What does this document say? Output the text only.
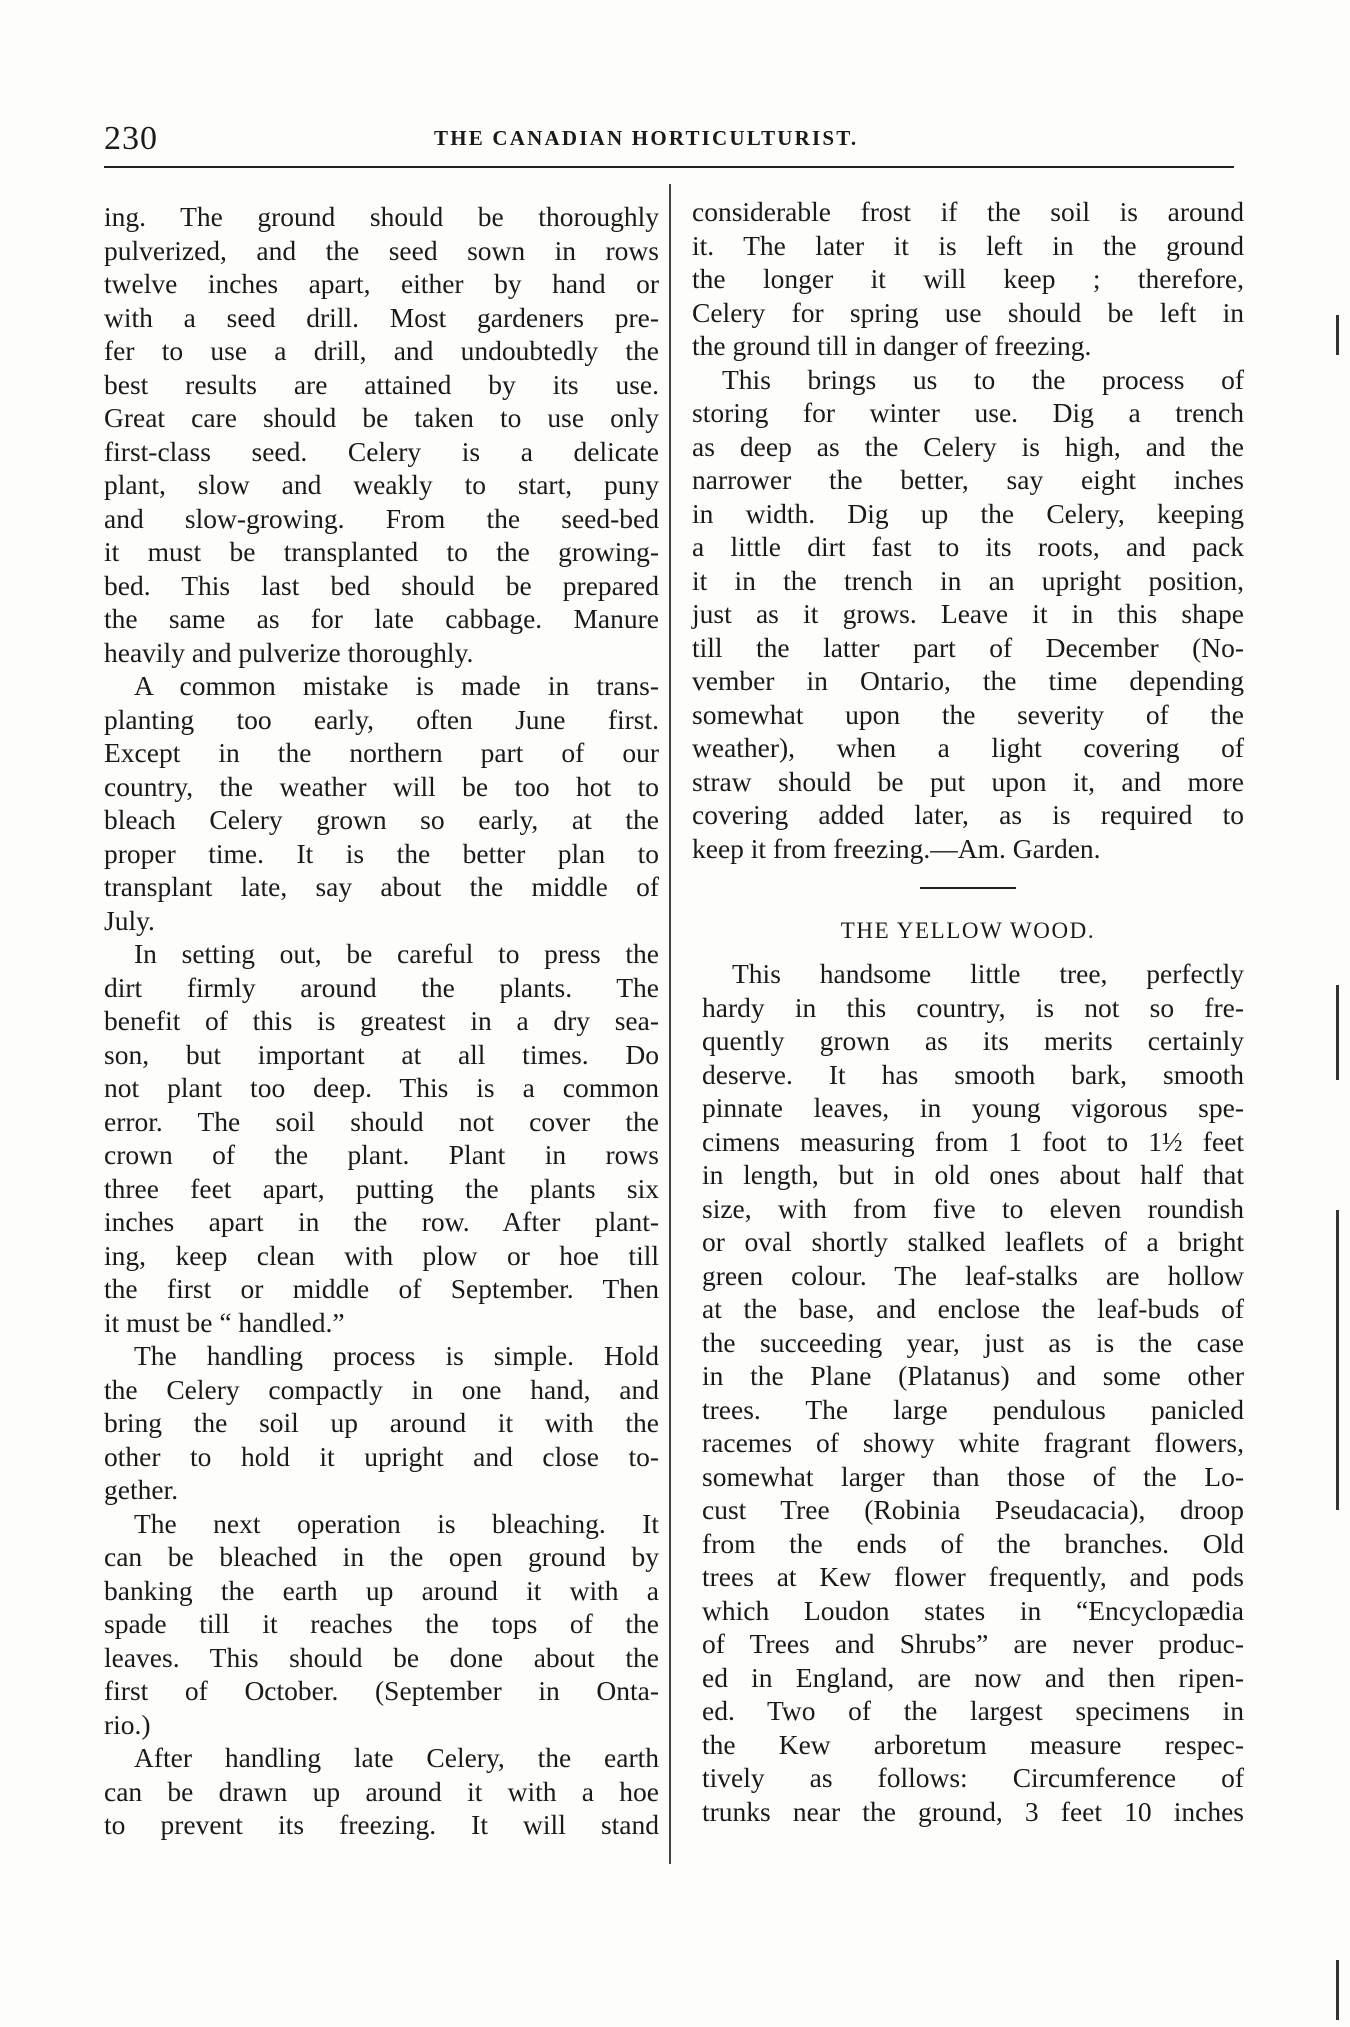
230	THE CANADIAN HORTICULTURIST.
ing. The ground should be thoroughly
pulverized, and the seed sown in rows
twelve inches apart, either by hand or
with a seed drill. Most gardeners pre-
fer to use a drill, and undoubtedly the
best results are attained by its use.
Great care should be taken to use only
first-class seed. Celery is a delicate
plant, slow and weakly to start, puny
and slow-growing. From the seed-bed
it must be transplanted to the growing-
bed. This last bed should be prepared
the same as for late cabbage. Manure
heavily and pulverize thoroughly.
A common mistake is made in trans-
planting too early, often June first.
Except in the northern part of our
country, the weather will be too hot to
bleach Celery grown so early, at the
proper time. It is the better plan to
transplant late, say about the middle of
July.
In setting out, be careful to press the
dirt firmly around the plants. The
benefit of this is greatest in a dry sea-
son, but important at all times. Do
not plant too deep. This is a common
error. The soil should not cover the
crown of the plant. Plant in rows
three feet apart, putting the plants six
inches apart in the row. After plant-
ing, keep clean with plow or hoe till
the first or middle of September. Then
it must be “ handled.”
The handling process is simple. Hold
the Celery compactly in one hand, and
bring the soil up around it with the
other to hold it upright and close to-
gether.
The next operation is bleaching. It
can be bleached in the open ground by
banking the earth up around it with a
spade till it reaches the tops of the
leaves. This should be done about the
first of October. (September in Onta-
rio.)
After handling late Celery, the earth
can be drawn up around it with a hoe
to prevent its freezing. It will stand
considerable frost if the soil is around
it. The later it is left in the ground
the longer it will keep ; therefore,
Celery for spring use should be left in
the ground till in danger of freezing.
This brings us to the process of
storing for winter use. Dig a trench
as deep as the Celery is high, and the
narrower the better, say eight inches
in width. Dig up the Celery, keeping
a little dirt fast to its roots, and pack
it in the trench in an upright position,
just as it grows. Leave it in this shape
till the latter part of December (No-
vember in Ontario, the time depending
somewhat upon the severity of the
weather), when a light covering of
straw should be put upon it, and more
covering added later, as is required to
keep it from freezing.—Am. Garden.
THE YELLOW WOOD.
This handsome little tree, perfectly
hardy in this country, is not so fre-
quently grown as its merits certainly
deserve. It has smooth bark, smooth
pinnate leaves, in young vigorous spe-
cimens measuring from 1 foot to 1½ feet
in length, but in old ones about half that
size, with from five to eleven roundish
or oval shortly stalked leaflets of a bright
green colour. The leaf-stalks are hollow
at the base, and enclose the leaf-buds of
the succeeding year, just as is the case
in the Plane (Platanus) and some other
trees. The large pendulous panicled
racemes of showy white fragrant flowers,
somewhat larger than those of the Lo-
cust Tree (Robinia Pseudacacia), droop
from the ends of the branches. Old
trees at Kew flower frequently, and pods
which Loudon states in “Encyclopædia
of Trees and Shrubs” are never produc-
ed in England, are now and then ripen-
ed. Two of the largest specimens in
the Kew arboretum measure respec-
tively as follows: Circumference of
trunks near the ground, 3 feet 10 inches
